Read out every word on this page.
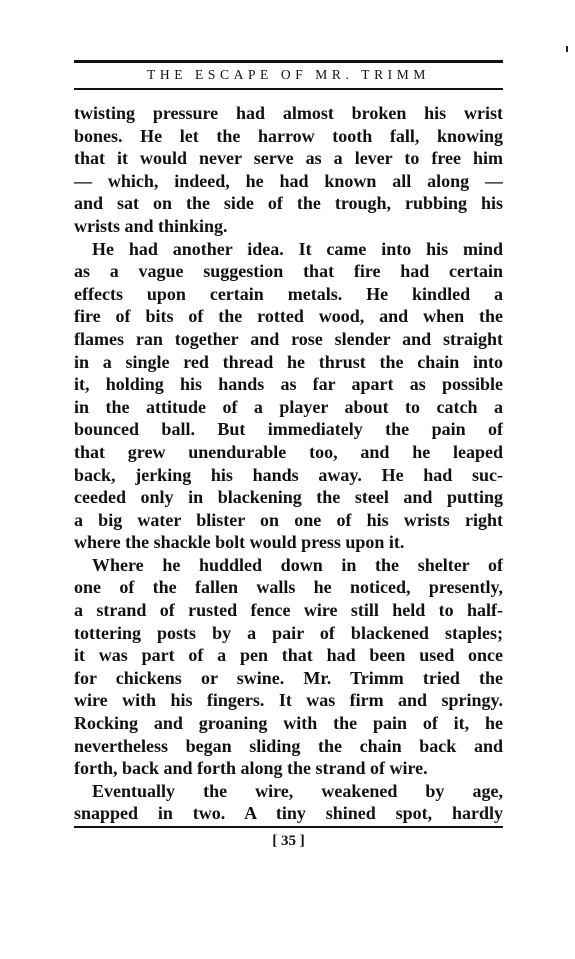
THE ESCAPE OF MR. TRIMM
twisting pressure had almost broken his wrist
bones. He let the harrow tooth fall, knowing
that it would never serve as a lever to free him
— which, indeed, he had known all along —
and sat on the side of the trough, rubbing his
wrists and thinking.
He had another idea. It came into his mind
as a vague suggestion that fire had certain
effects upon certain metals. He kindled a
fire of bits of the rotted wood, and when the
flames ran together and rose slender and straight
in a single red thread he thrust the chain into
it, holding his hands as far apart as possible
in the attitude of a player about to catch a
bounced ball. But immediately the pain of
that grew unendurable too, and he leaped
back, jerking his hands away. He had suc-
ceeded only in blackening the steel and putting
a big water blister on one of his wrists right
where the shackle bolt would press upon it.
Where he huddled down in the shelter of
one of the fallen walls he noticed, presently,
a strand of rusted fence wire still held to half-
tottering posts by a pair of blackened staples;
it was part of a pen that had been used once
for chickens or swine. Mr. Trimm tried the
wire with his fingers. It was firm and springy.
Rocking and groaning with the pain of it, he
nevertheless began sliding the chain back and
forth, back and forth along the strand of wire.
Eventually the wire, weakened by age,
snapped in two. A tiny shined spot, hardly
[ 35 ]
